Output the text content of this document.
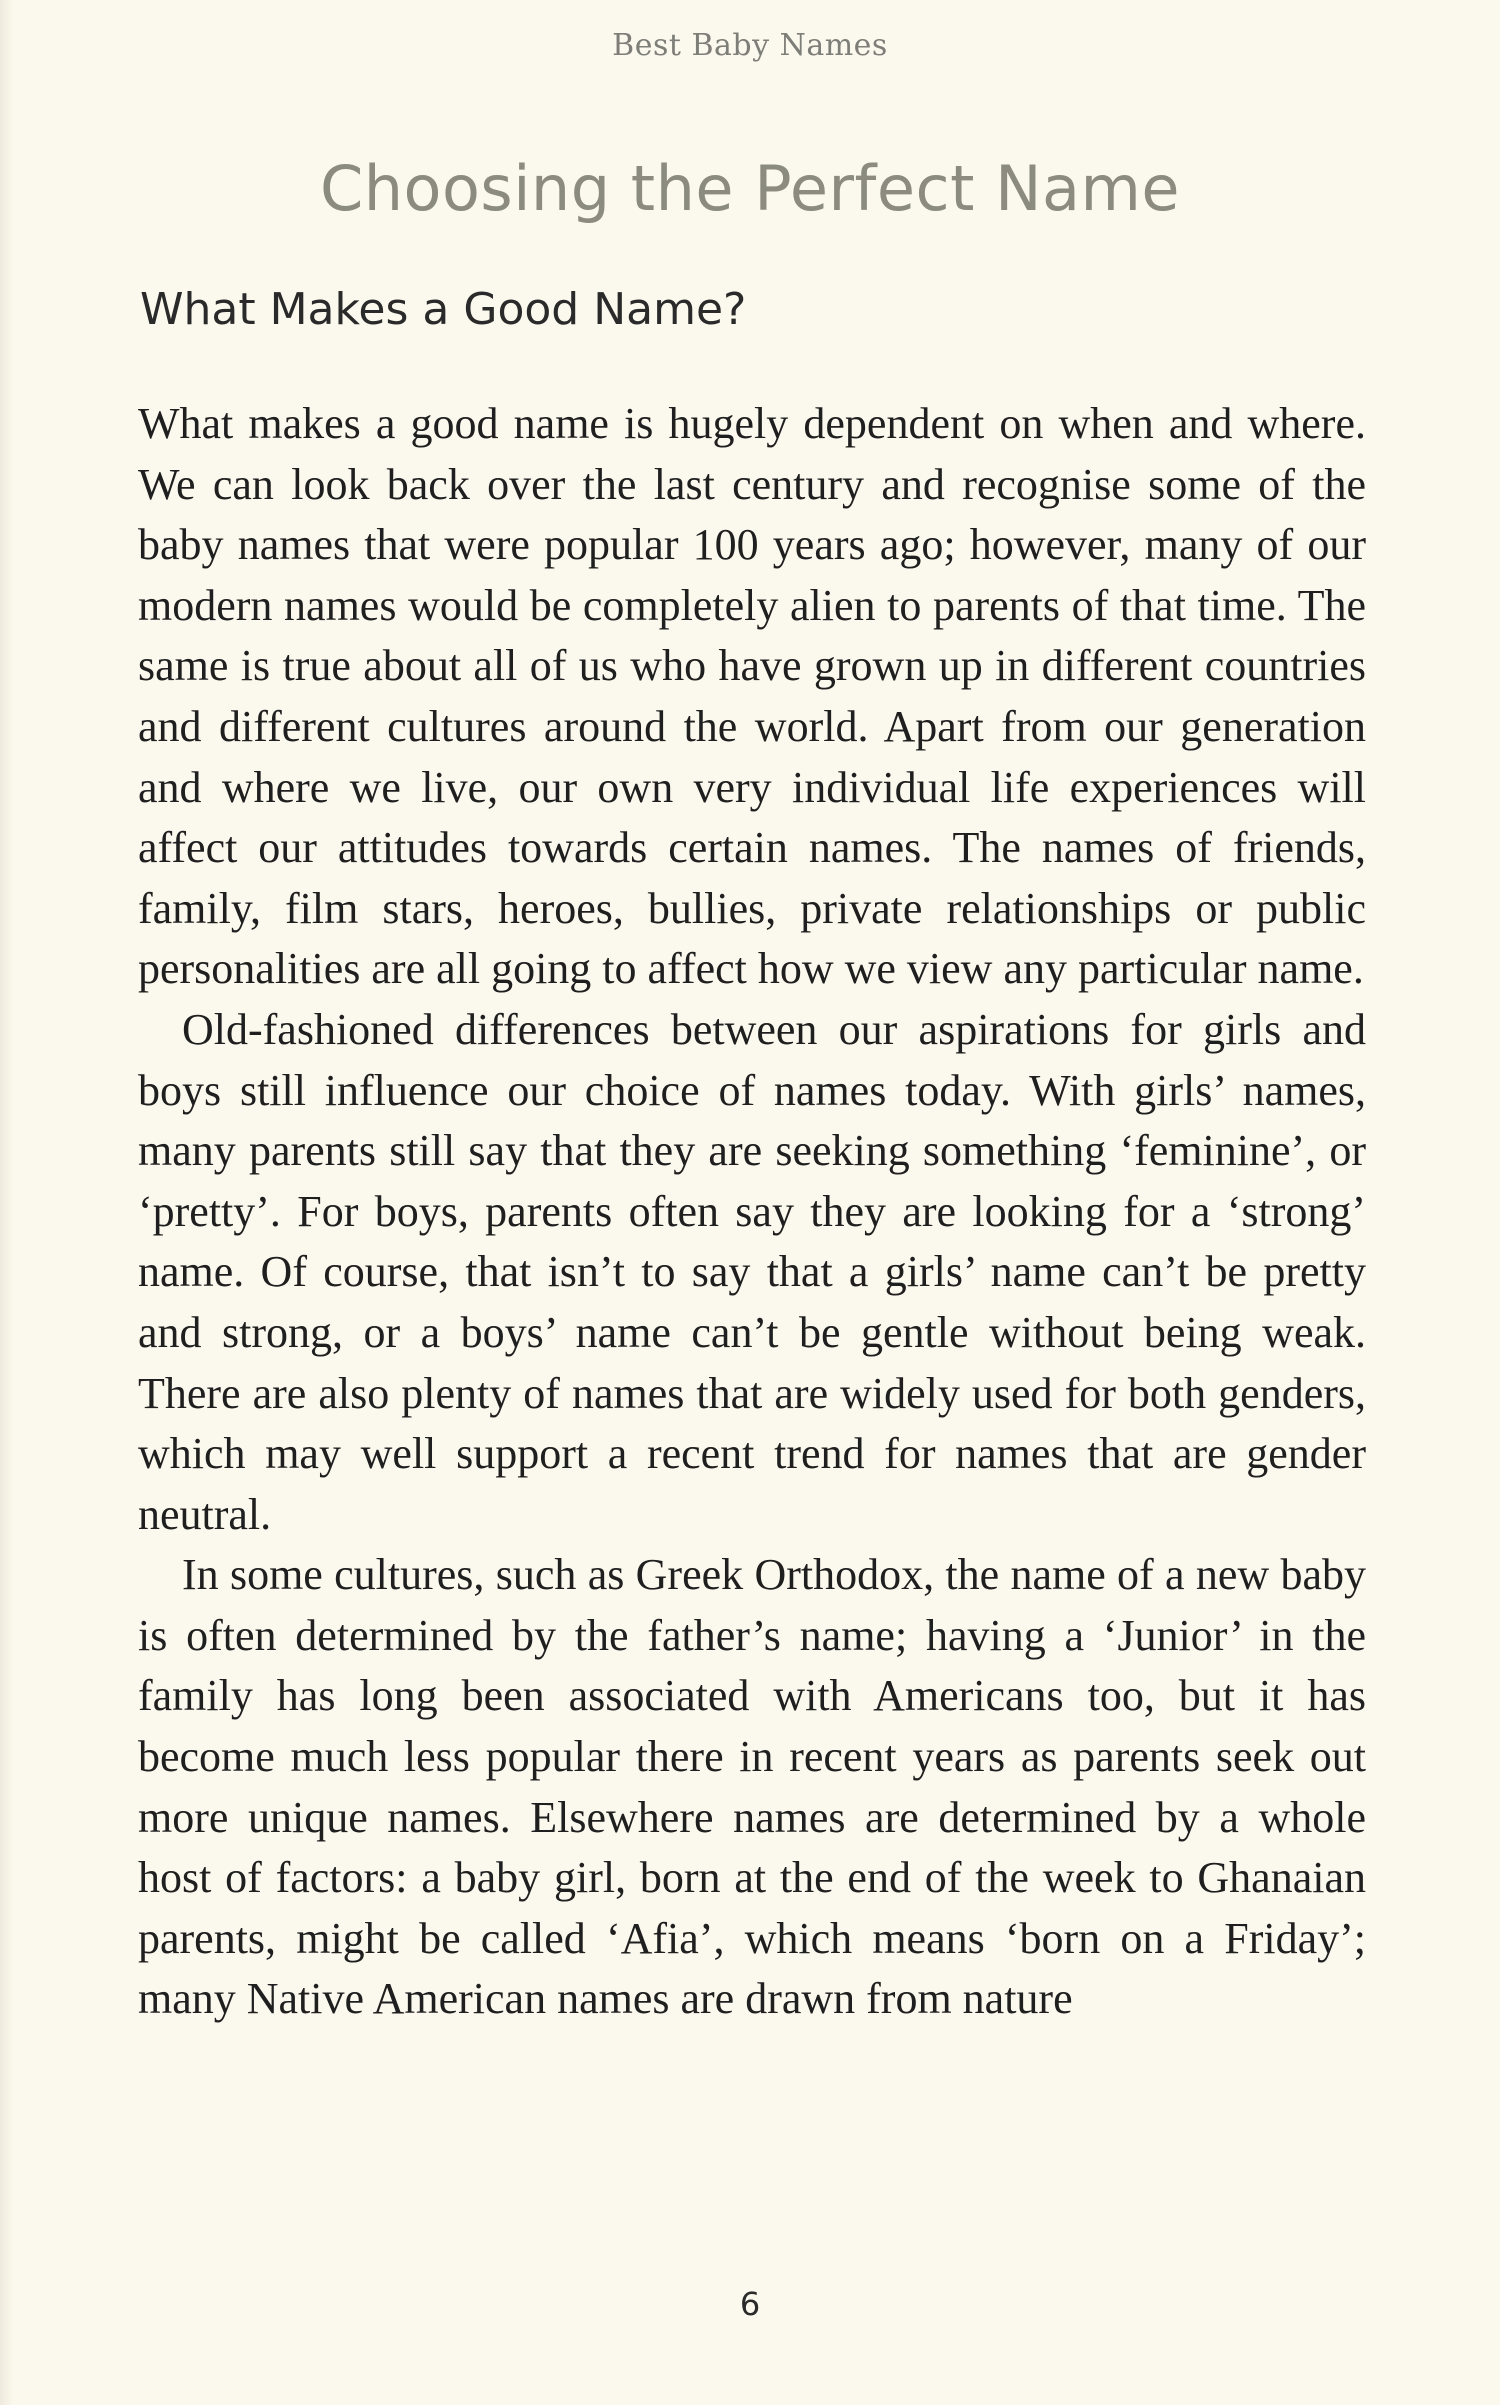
Best Baby Names
Choosing the Perfect Name
What Makes a Good Name?

What makes a good name is hugely dependent on when and where. We can look back over the last century and recognise some of the baby names that were popular 100 years ago; however, many of our modern names would be completely alien to parents of that time. The same is true about all of us who have grown up in different countries and different cultures around the world. Apart from our generation and where we live, our own very individual life experiences will affect our attitudes towards certain names. The names of friends, family, film stars, heroes, bullies, private relationships or public personalities are all going to affect how we view any particular name.

Old-fashioned differences between our aspirations for girls and boys still influence our choice of names today. With girls’ names, many parents still say that they are seeking something ‘feminine’, or ‘pretty’. For boys, parents often say they are looking for a ‘strong’ name. Of course, that isn’t to say that a girls’ name can’t be pretty and strong, or a boys’ name can’t be gentle without being weak. There are also plenty of names that are widely used for both genders, which may well support a recent trend for names that are gender neutral.

In some cultures, such as Greek Orthodox, the name of a new baby is often determined by the father’s name; having a ‘Junior’ in the family has long been associated with Americans too, but it has become much less popular there in recent years as parents seek out more unique names. Elsewhere names are determined by a whole host of factors: a baby girl, born at the end of the week to Ghanaian parents, might be called ‘Afia’, which means ‘born on a Friday’; many Native American names are drawn from nature

6
